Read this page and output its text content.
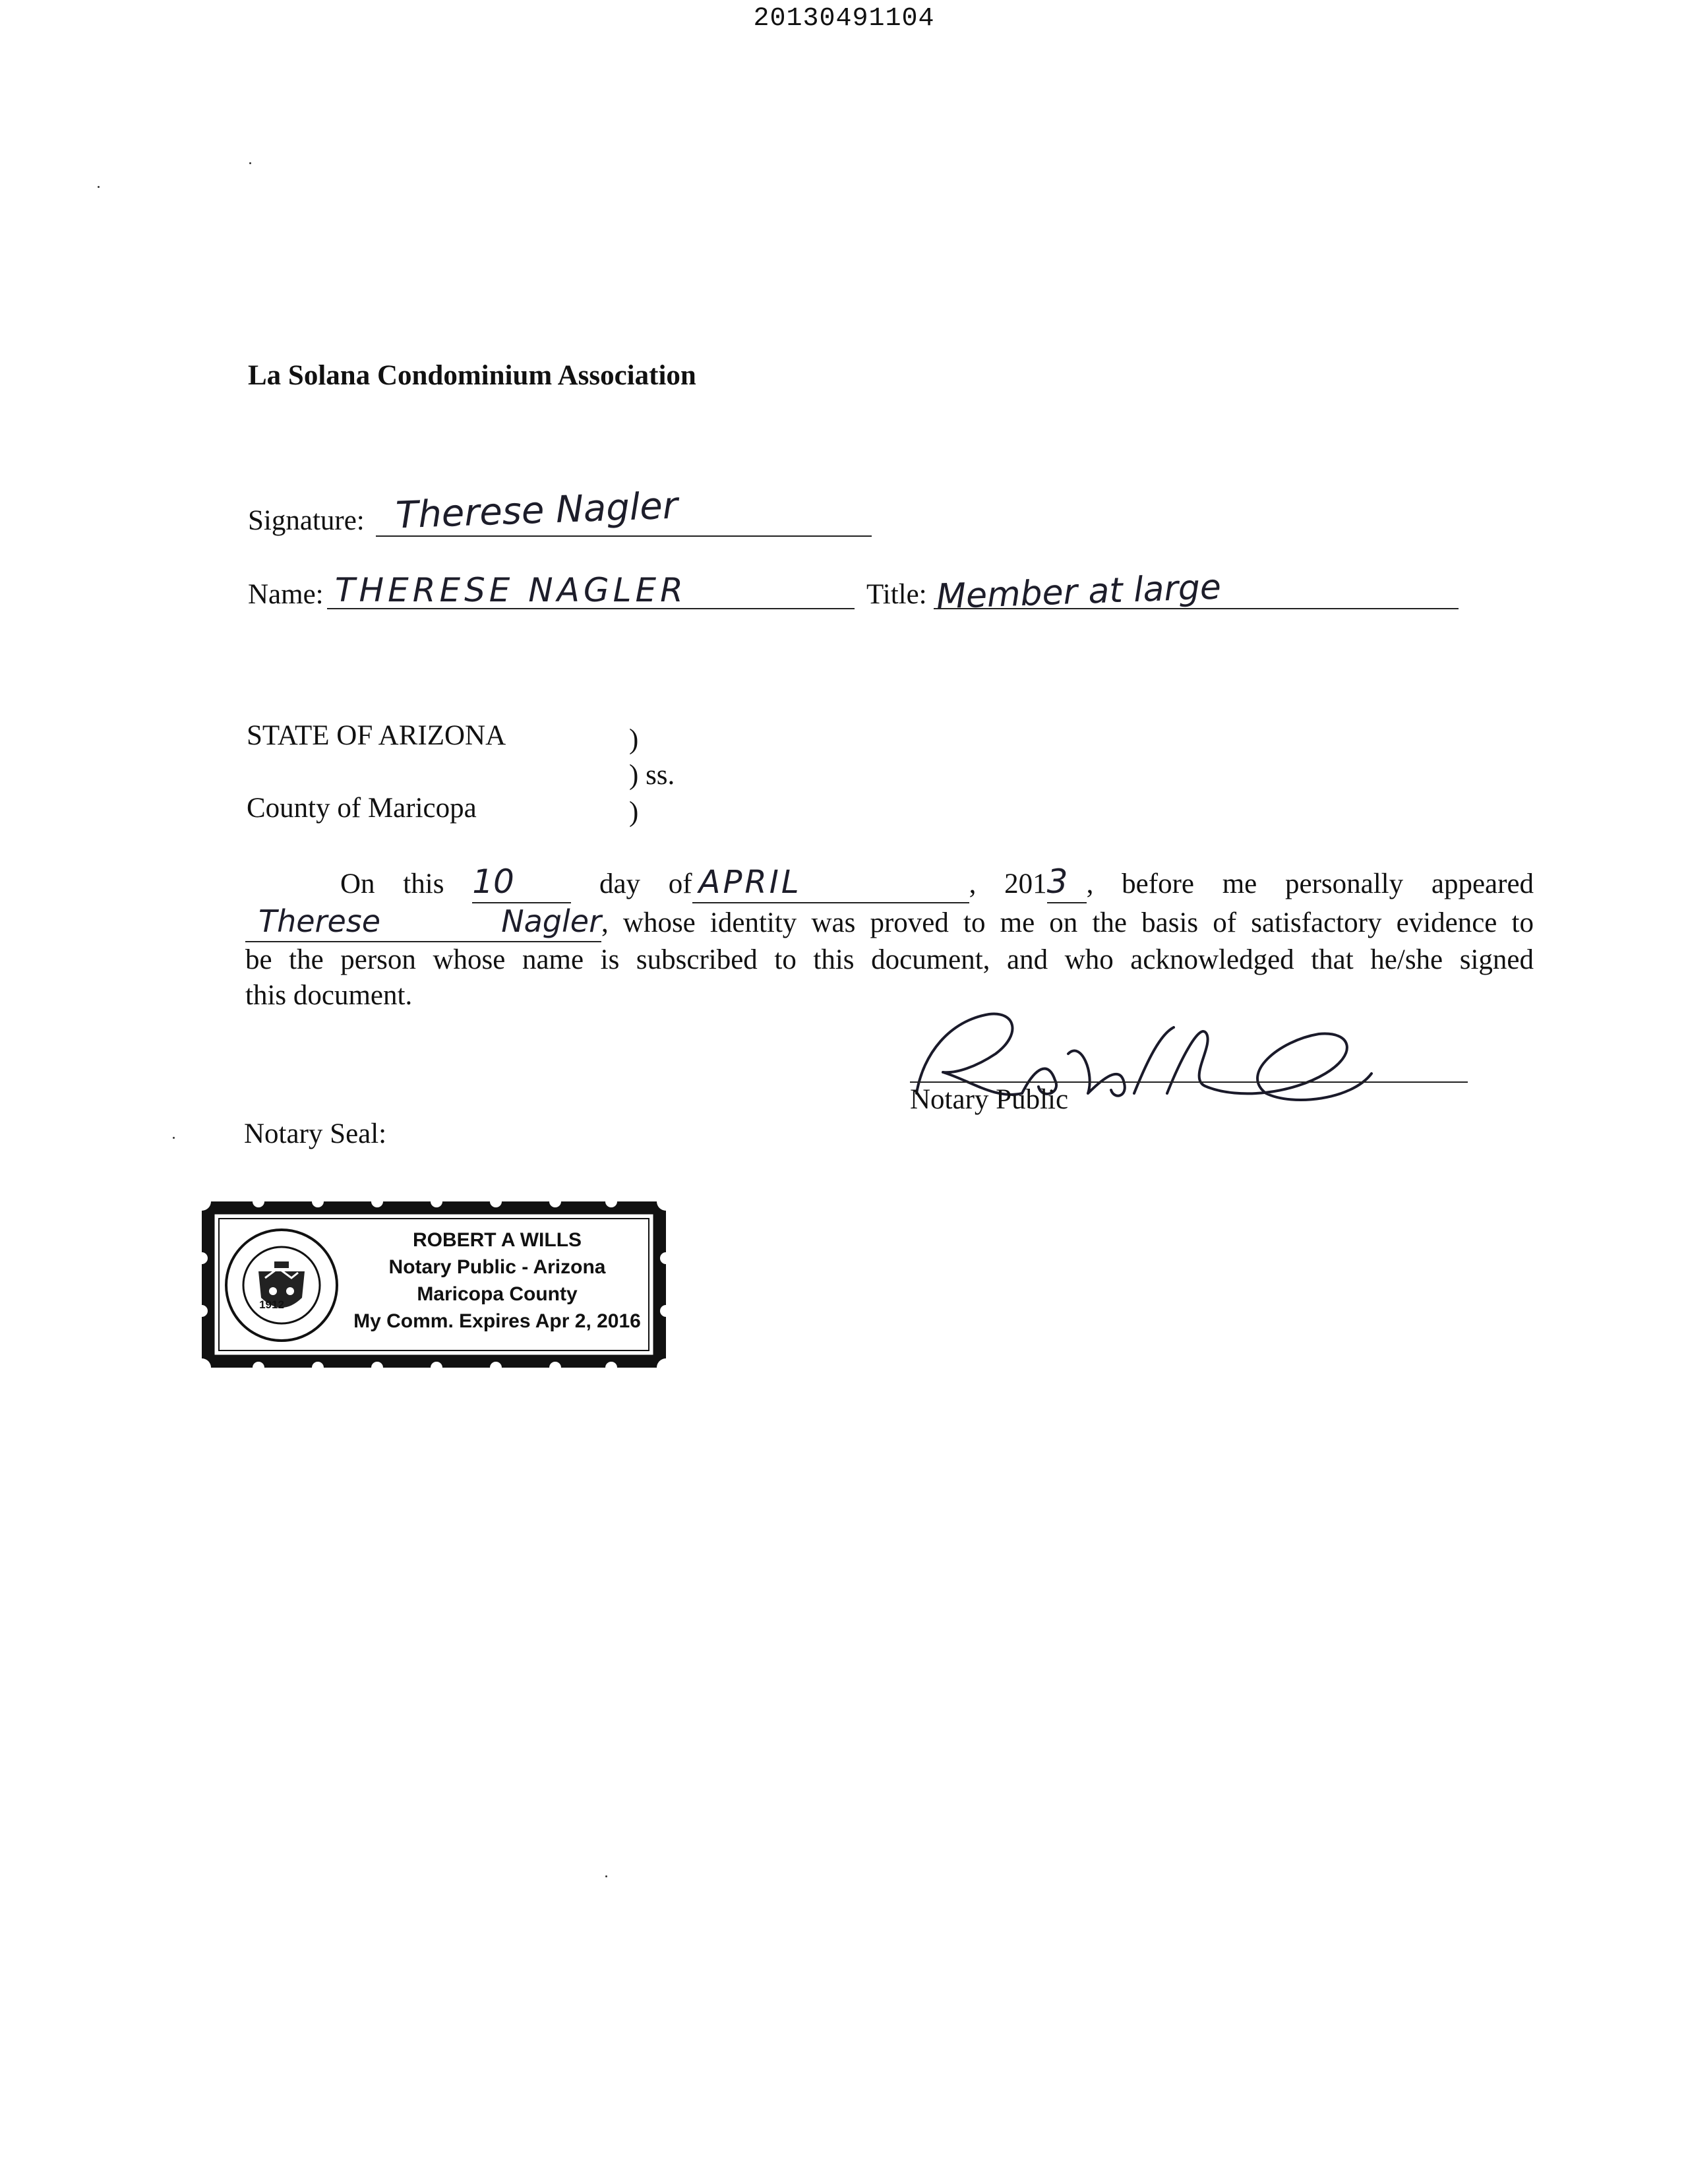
20130491104
La Solana Condominium Association
Signature: Therese Nagler
Name: THERESE NAGLER	Title: Member at large
STATE OF ARIZONA	)
) ss.
County of Maricopa	)
On this 10	day of APRIL	, 2013 , before me personally appeared
Therese Nagler, whose identity was proved to me on the basis of satisfactory evidence to
be the person whose name is subscribed to this document, and who acknowledged that he/she signed
this document.
Notary Public
Notary Seal:
1912
ROBERT A WILLS
Notary Public - Arizona
Maricopa County
My Comm. Expires Apr 2, 2016
